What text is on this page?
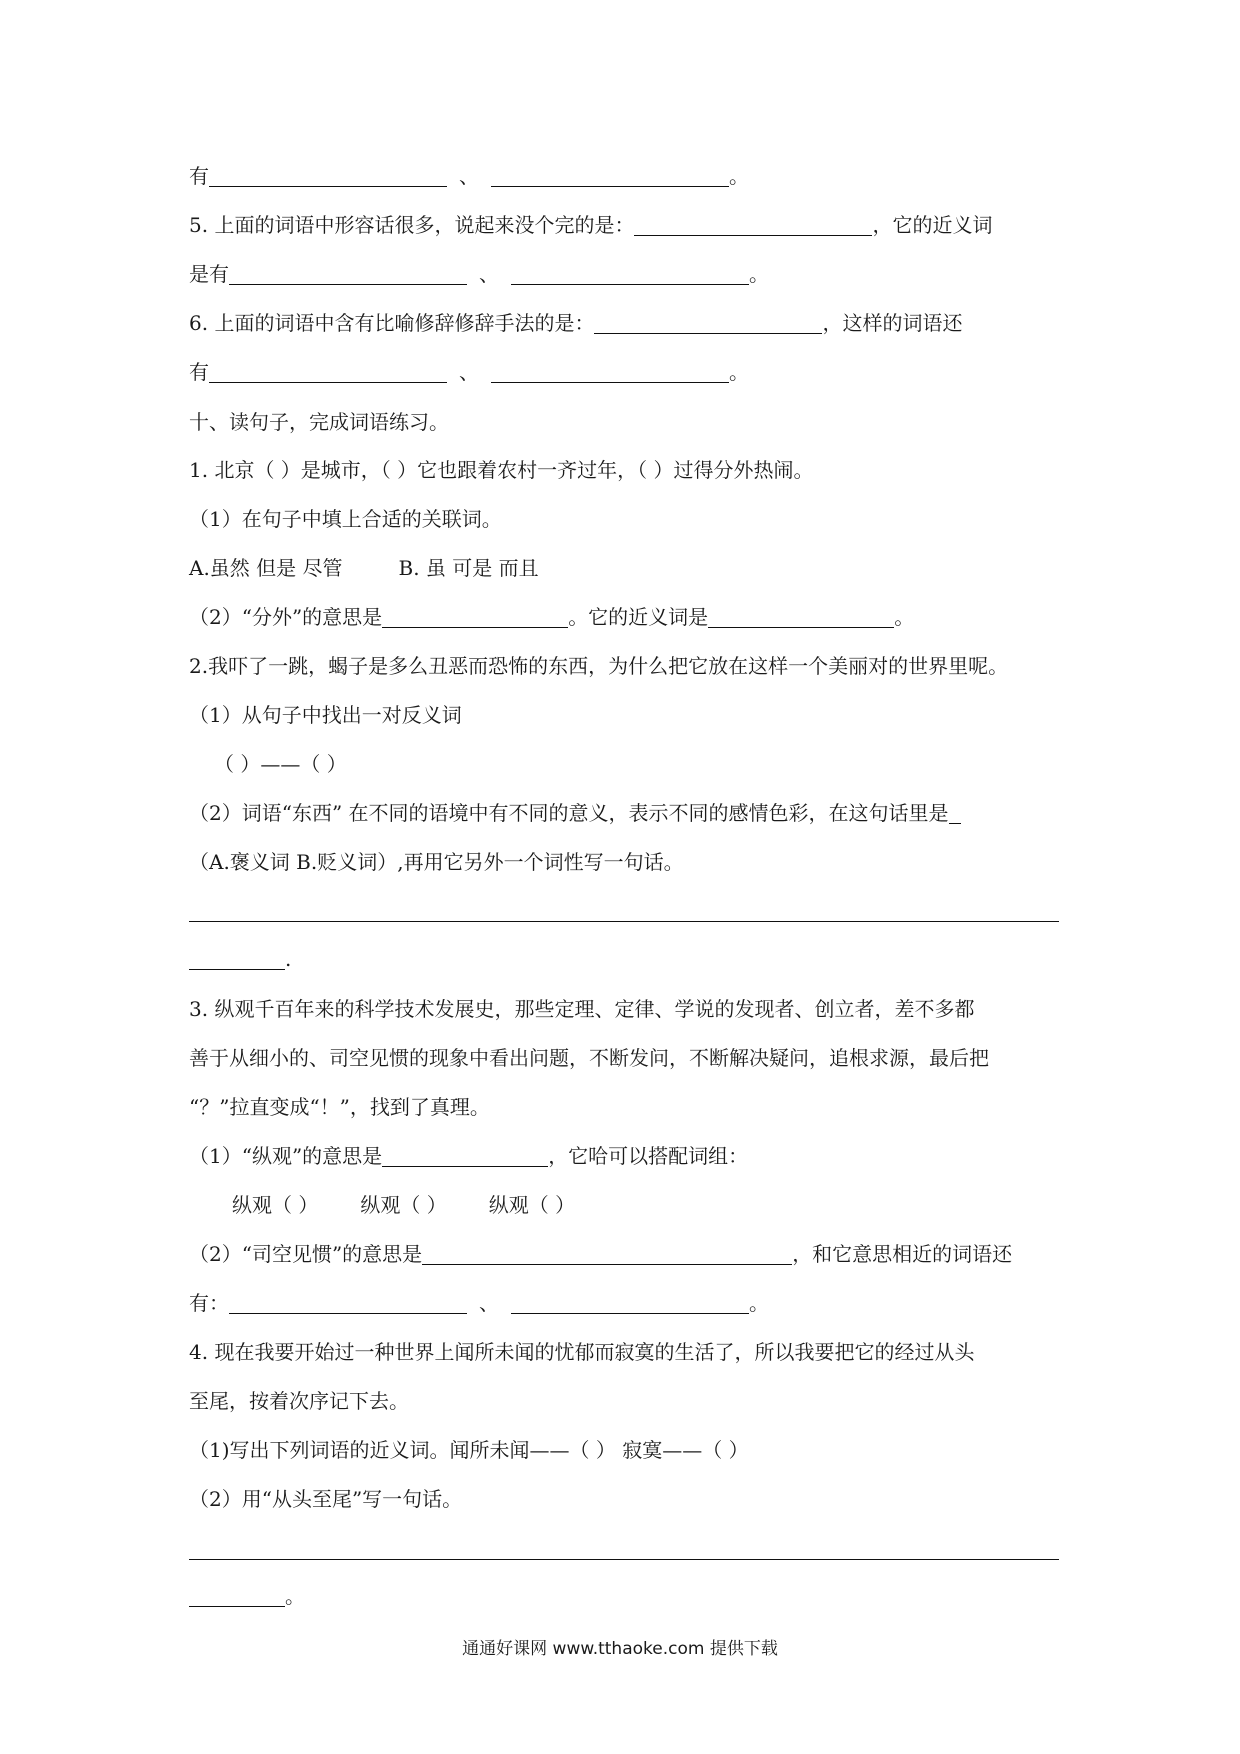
有	、	。
5. 上面的词语中形容话很多，说起来没个完的是：	，它的近义词
是有	、	。
6. 上面的词语中含有比喻修辞修辞手法的是：	，这样的词语还
有	、	。
十、读句子，完成词语练习。
1. 北京（ ）是城市，（ ）它也跟着农村一齐过年，（ ）过得分外热闹。
（1）在句子中填上合适的关联词。
A.虽然 但是 尽管	B. 虽 可是 而且
（2）“分外”的意思是	。它的近义词是	。
2.我吓了一跳，蝎子是多么丑恶而恐怖的东西，为什么把它放在这样一个美丽对的世界里呢。
（1）从句子中找出一对反义词
（ ）——（ ）
（2）词语“东西” 在不同的语境中有不同的意义，表示不同的感情色彩，在这句话里是
（A.褒义词 B.贬义词）,再用它另外一个词性写一句话。
.
3. 纵观千百年来的科学技术发展史，那些定理、定律、学说的发现者、创立者，差不多都
善于从细小的、司空见惯的现象中看出问题，不断发问，不断解决疑问，追根求源，最后把
“？”拉直变成“！”，找到了真理。
（1）“纵观”的意思是	，它哈可以搭配词组：
纵观（ ） 纵观（ ） 纵观（ ）
（2）“司空见惯”的意思是	，和它意思相近的词语还
有：	、	。
4. 现在我要开始过一种世界上闻所未闻的忧郁而寂寞的生活了，所以我要把它的经过从头
至尾，按着次序记下去。
（1)写出下列词语的近义词。闻所未闻——（ ） 寂寞——（ ）
（2）用“从头至尾”写一句话。
。
通通好课网 www.tthaoke.com 提供下载
